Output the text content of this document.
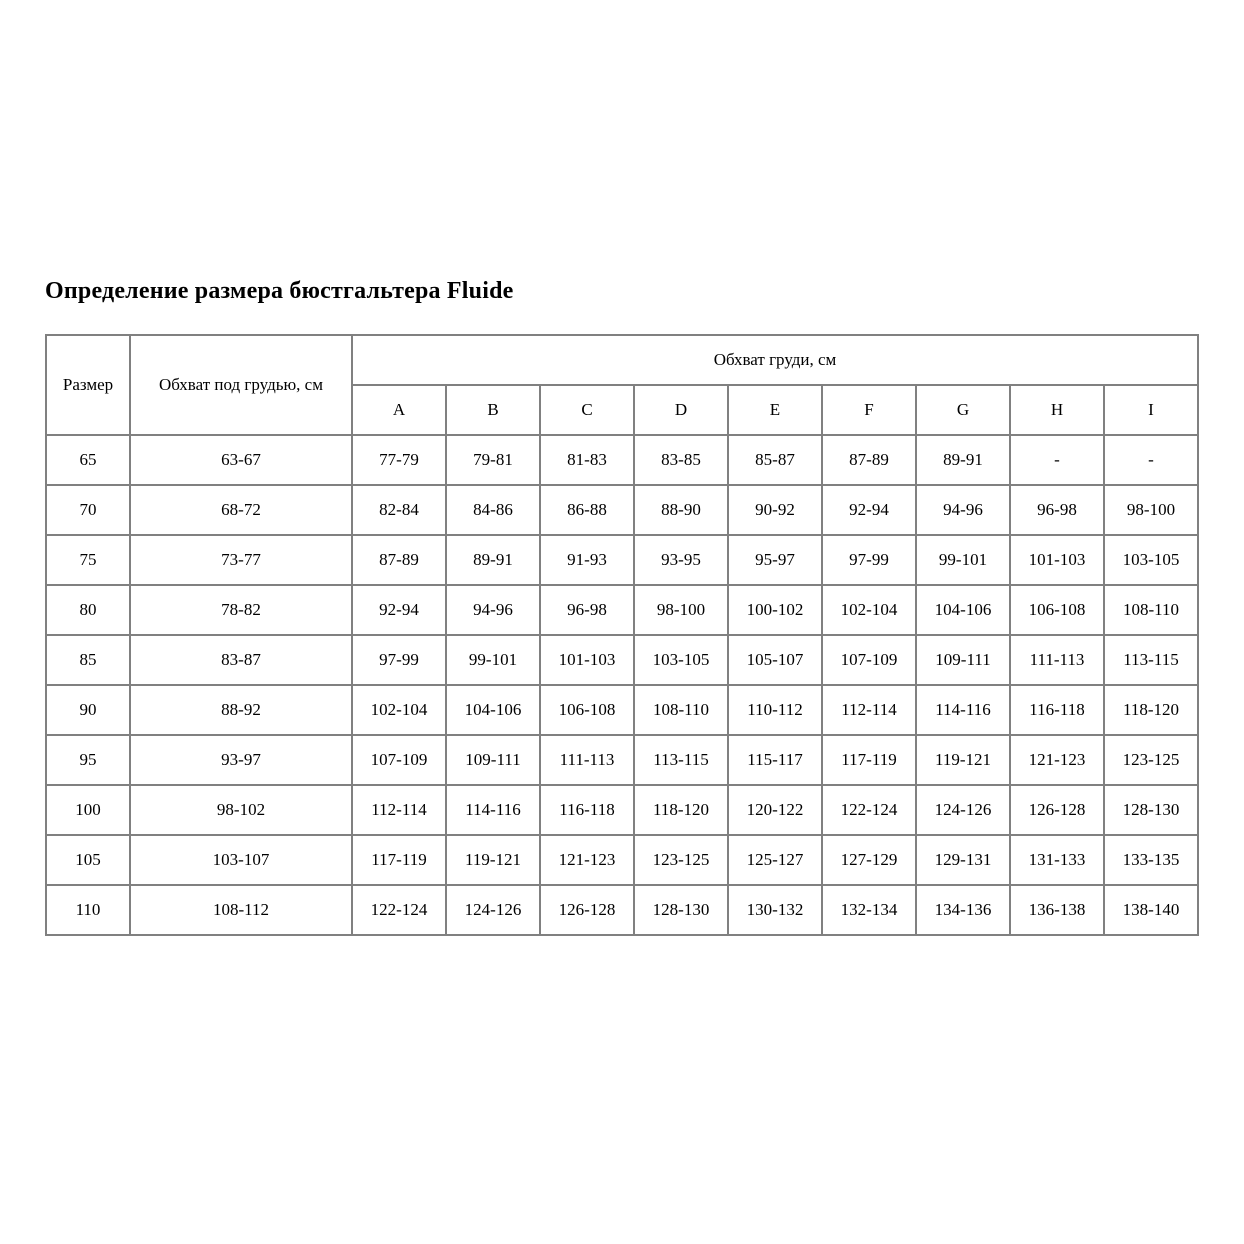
Определение размера бюстгальтера Fluide
Размер	Обхват под грудью, см	Обхват груди, см								
		A	B	C	D	E	F	G	H	I
65	63-67	77-79	79-81	81-83	83-85	85-87	87-89	89-91	-	-
70	68-72	82-84	84-86	86-88	88-90	90-92	92-94	94-96	96-98	98-100
75	73-77	87-89	89-91	91-93	93-95	95-97	97-99	99-101	101-103	103-105
80	78-82	92-94	94-96	96-98	98-100	100-102	102-104	104-106	106-108	108-110
85	83-87	97-99	99-101	101-103	103-105	105-107	107-109	109-111	111-113	113-115
90	88-92	102-104	104-106	106-108	108-110	110-112	112-114	114-116	116-118	118-120
95	93-97	107-109	109-111	111-113	113-115	115-117	117-119	119-121	121-123	123-125
100	98-102	112-114	114-116	116-118	118-120	120-122	122-124	124-126	126-128	128-130
105	103-107	117-119	119-121	121-123	123-125	125-127	127-129	129-131	131-133	133-135
110	108-112	122-124	124-126	126-128	128-130	130-132	132-134	134-136	136-138	138-140
